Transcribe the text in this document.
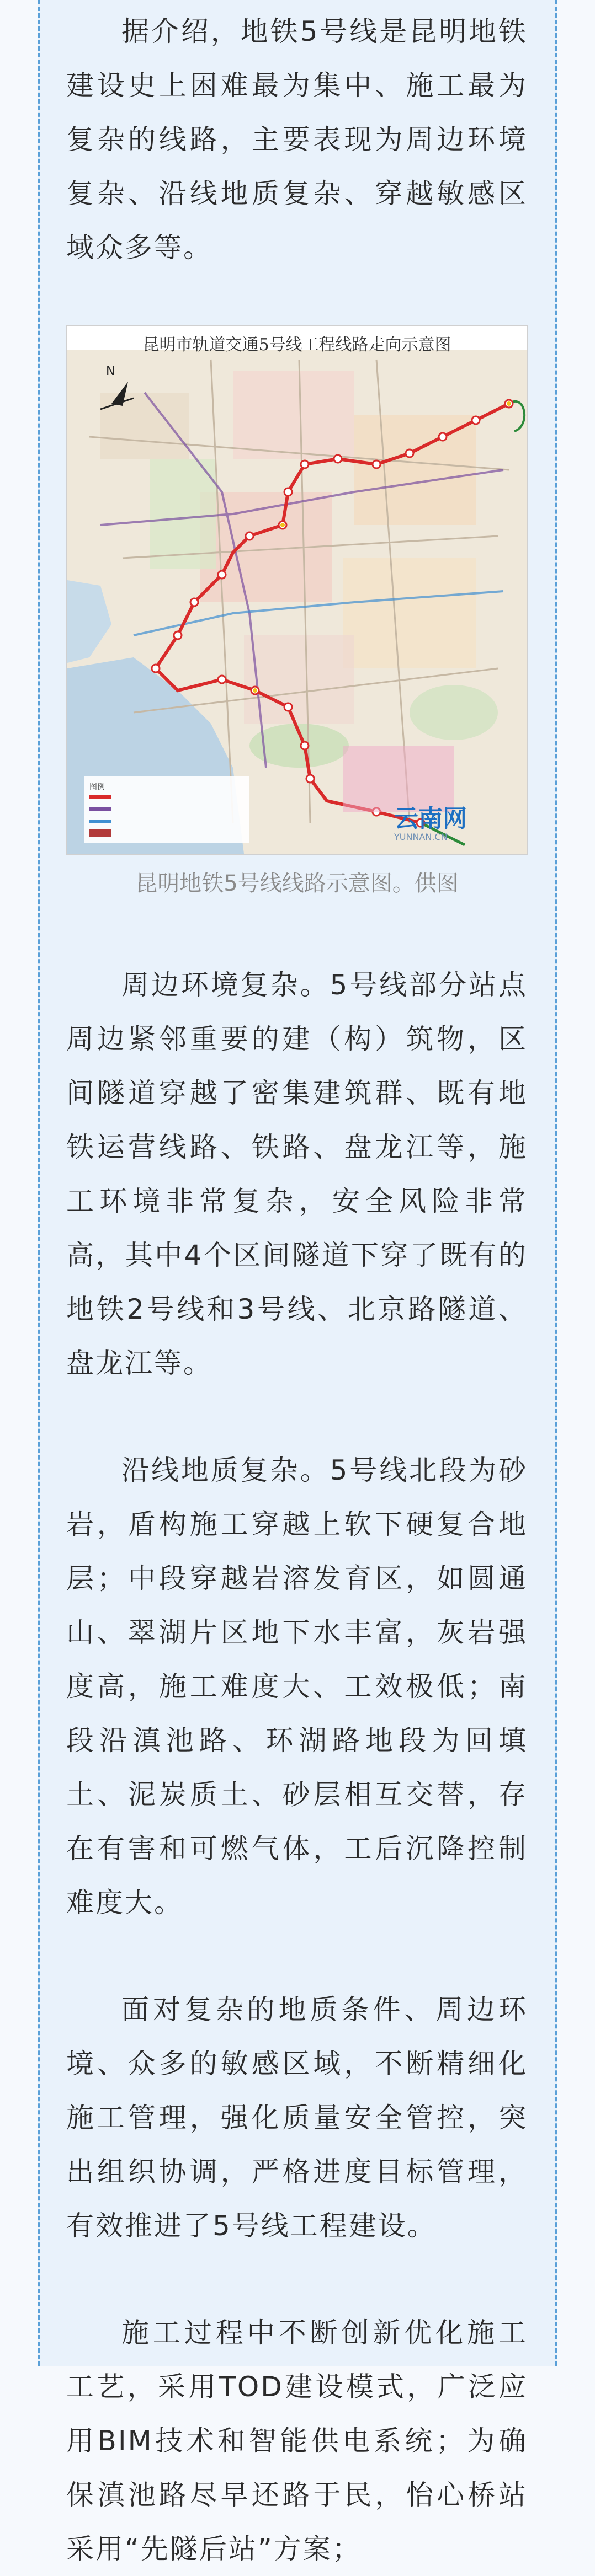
据介绍，地铁5号线是昆明地铁建设史上困难最为集中、施工最为复杂的线路，主要表现为周边环境复杂、沿线地质复杂、穿越敏感区域众多等。

N
昆明市轨道交通5号线工程线路走向示意图
图例
云南网
YUNNAN.CN
昆明地铁5号线线路示意图。供图

周边环境复杂。5号线部分站点周边紧邻重要的建（构）筑物，区间隧道穿越了密集建筑群、既有地铁运营线路、铁路、盘龙江等，施工环境非常复杂，安全风险非常高，其中4个区间隧道下穿了既有的地铁2号线和3号线、北京路隧道、盘龙江等。

沿线地质复杂。5号线北段为砂岩，盾构施工穿越上软下硬复合地层；中段穿越岩溶发育区，如圆通山、翠湖片区地下水丰富，灰岩强度高，施工难度大、工效极低；南段沿滇池路、环湖路地段为回填土、泥炭质土、砂层相互交替，存在有害和可燃气体，工后沉降控制难度大。

面对复杂的地质条件、周边环境、众多的敏感区域，不断精细化施工管理，强化质量安全管控，突出组织协调，严格进度目标管理，有效推进了5号线工程建设。

施工过程中不断创新优化施工工艺，采用TOD建设模式，广泛应用BIM技术和智能供电系统；为确保滇池路尽早还路于民，怡心桥站采用“先隧后站”方案；
